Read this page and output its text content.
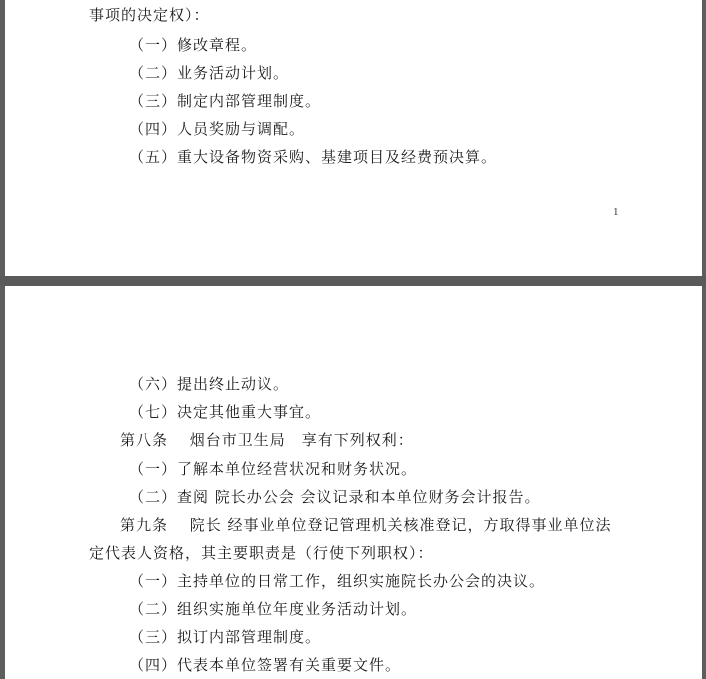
事项的决定权）：
（一）修改章程。
（二）业务活动计划。
（三）制定内部管理制度。
（四）人员奖励与调配。
（五）重大设备物资采购、基建项目及经费预决算。
1
（六）提出终止动议。
（七）决定其他重大事宜。
第八条　 烟台市卫生局　享有下列权利：
（一）了解本单位经营状况和财务状况。
（二）查阅 院长办公会 会议记录和本单位财务会计报告。
第九条　 院长 经事业单位登记管理机关核准登记，方取得事业单位法
定代表人资格，其主要职责是（行使下列职权）：
（一）主持单位的日常工作，组织实施院长办公会的决议。
（二）组织实施单位年度业务活动计划。
（三）拟订内部管理制度。
（四）代表本单位签署有关重要文件。
